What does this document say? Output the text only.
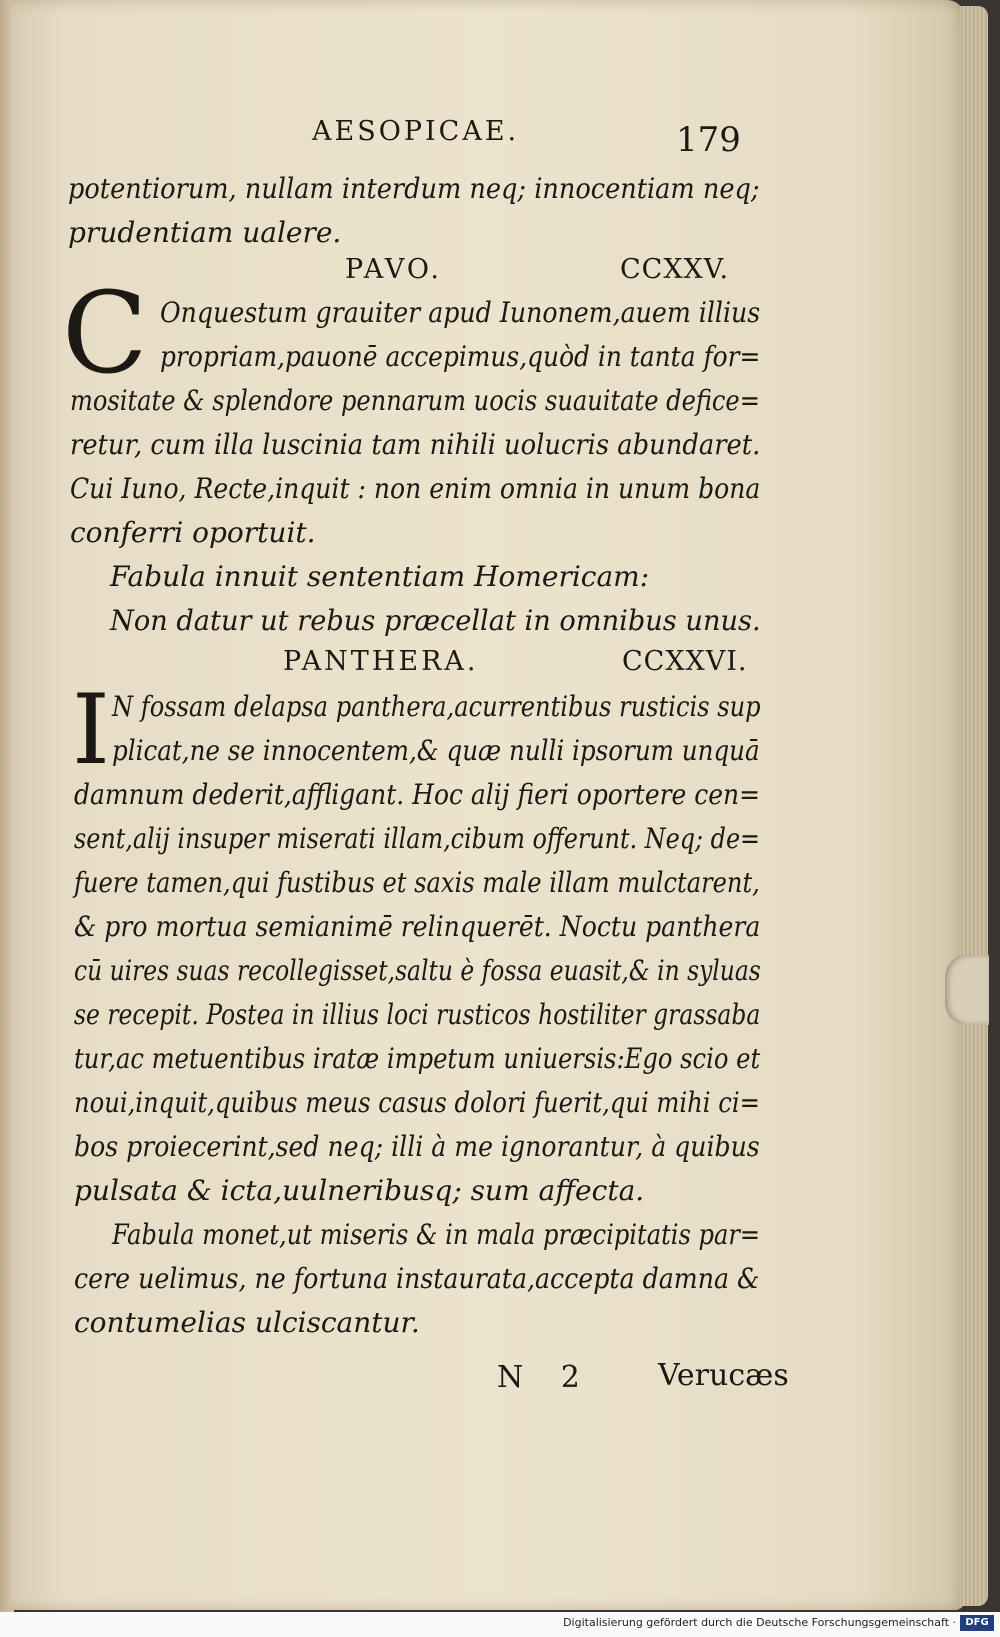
AESOPICAE.	179
potentiorum, nullam interdum neq; innocentiam neq;
prudentiam ualere.
PAVO.	CCXXV.
C Onquestum grauiter apud Iunonem,auem illius
propriam,pauonē accepimus,quòd in tanta for=
mositate & splendore pennarum uocis suauitate defice=
retur, cum illa luscinia tam nihili uolucris abundaret.
Cui Iuno, Recte,inquit : non enim omnia in unum bona
conferri oportuit.
Fabula innuit sententiam Homericam:
Non datur ut rebus præcellat in omnibus unus.
PANTHERA.	CCXXVI.
I N fossam delapsa panthera,acurrentibus rusticis sup
plicat,ne se innocentem,& quæ nulli ipsorum unquā
damnum dederit,affligant. Hoc alij fieri oportere cen=
sent,alij insuper miserati illam,cibum offerunt. Neq; de=
fuere tamen,qui fustibus et saxis male illam mulctarent,
& pro mortua semianimē relinquerēt. Noctu panthera
cū uires suas recollegisset,saltu è fossa euasit,& in syluas
se recepit. Postea in illius loci rusticos hostiliter grassaba
tur,ac metuentibus iratæ impetum uniuersis:Ego scio et
noui,inquit,quibus meus casus dolori fuerit,qui mihi ci=
bos proiecerint,sed neq; illi à me ignorantur, à quibus
pulsata & icta,uulneribusq; sum affecta.
Fabula monet,ut miseris & in mala præcipitatis par=
cere uelimus, ne fortuna instaurata,accepta damna &
contumelias ulciscantur.
N 2 Verucæs
Digitalisierung gefördert durch die Deutsche Forschungsgemeinschaft · DFG
